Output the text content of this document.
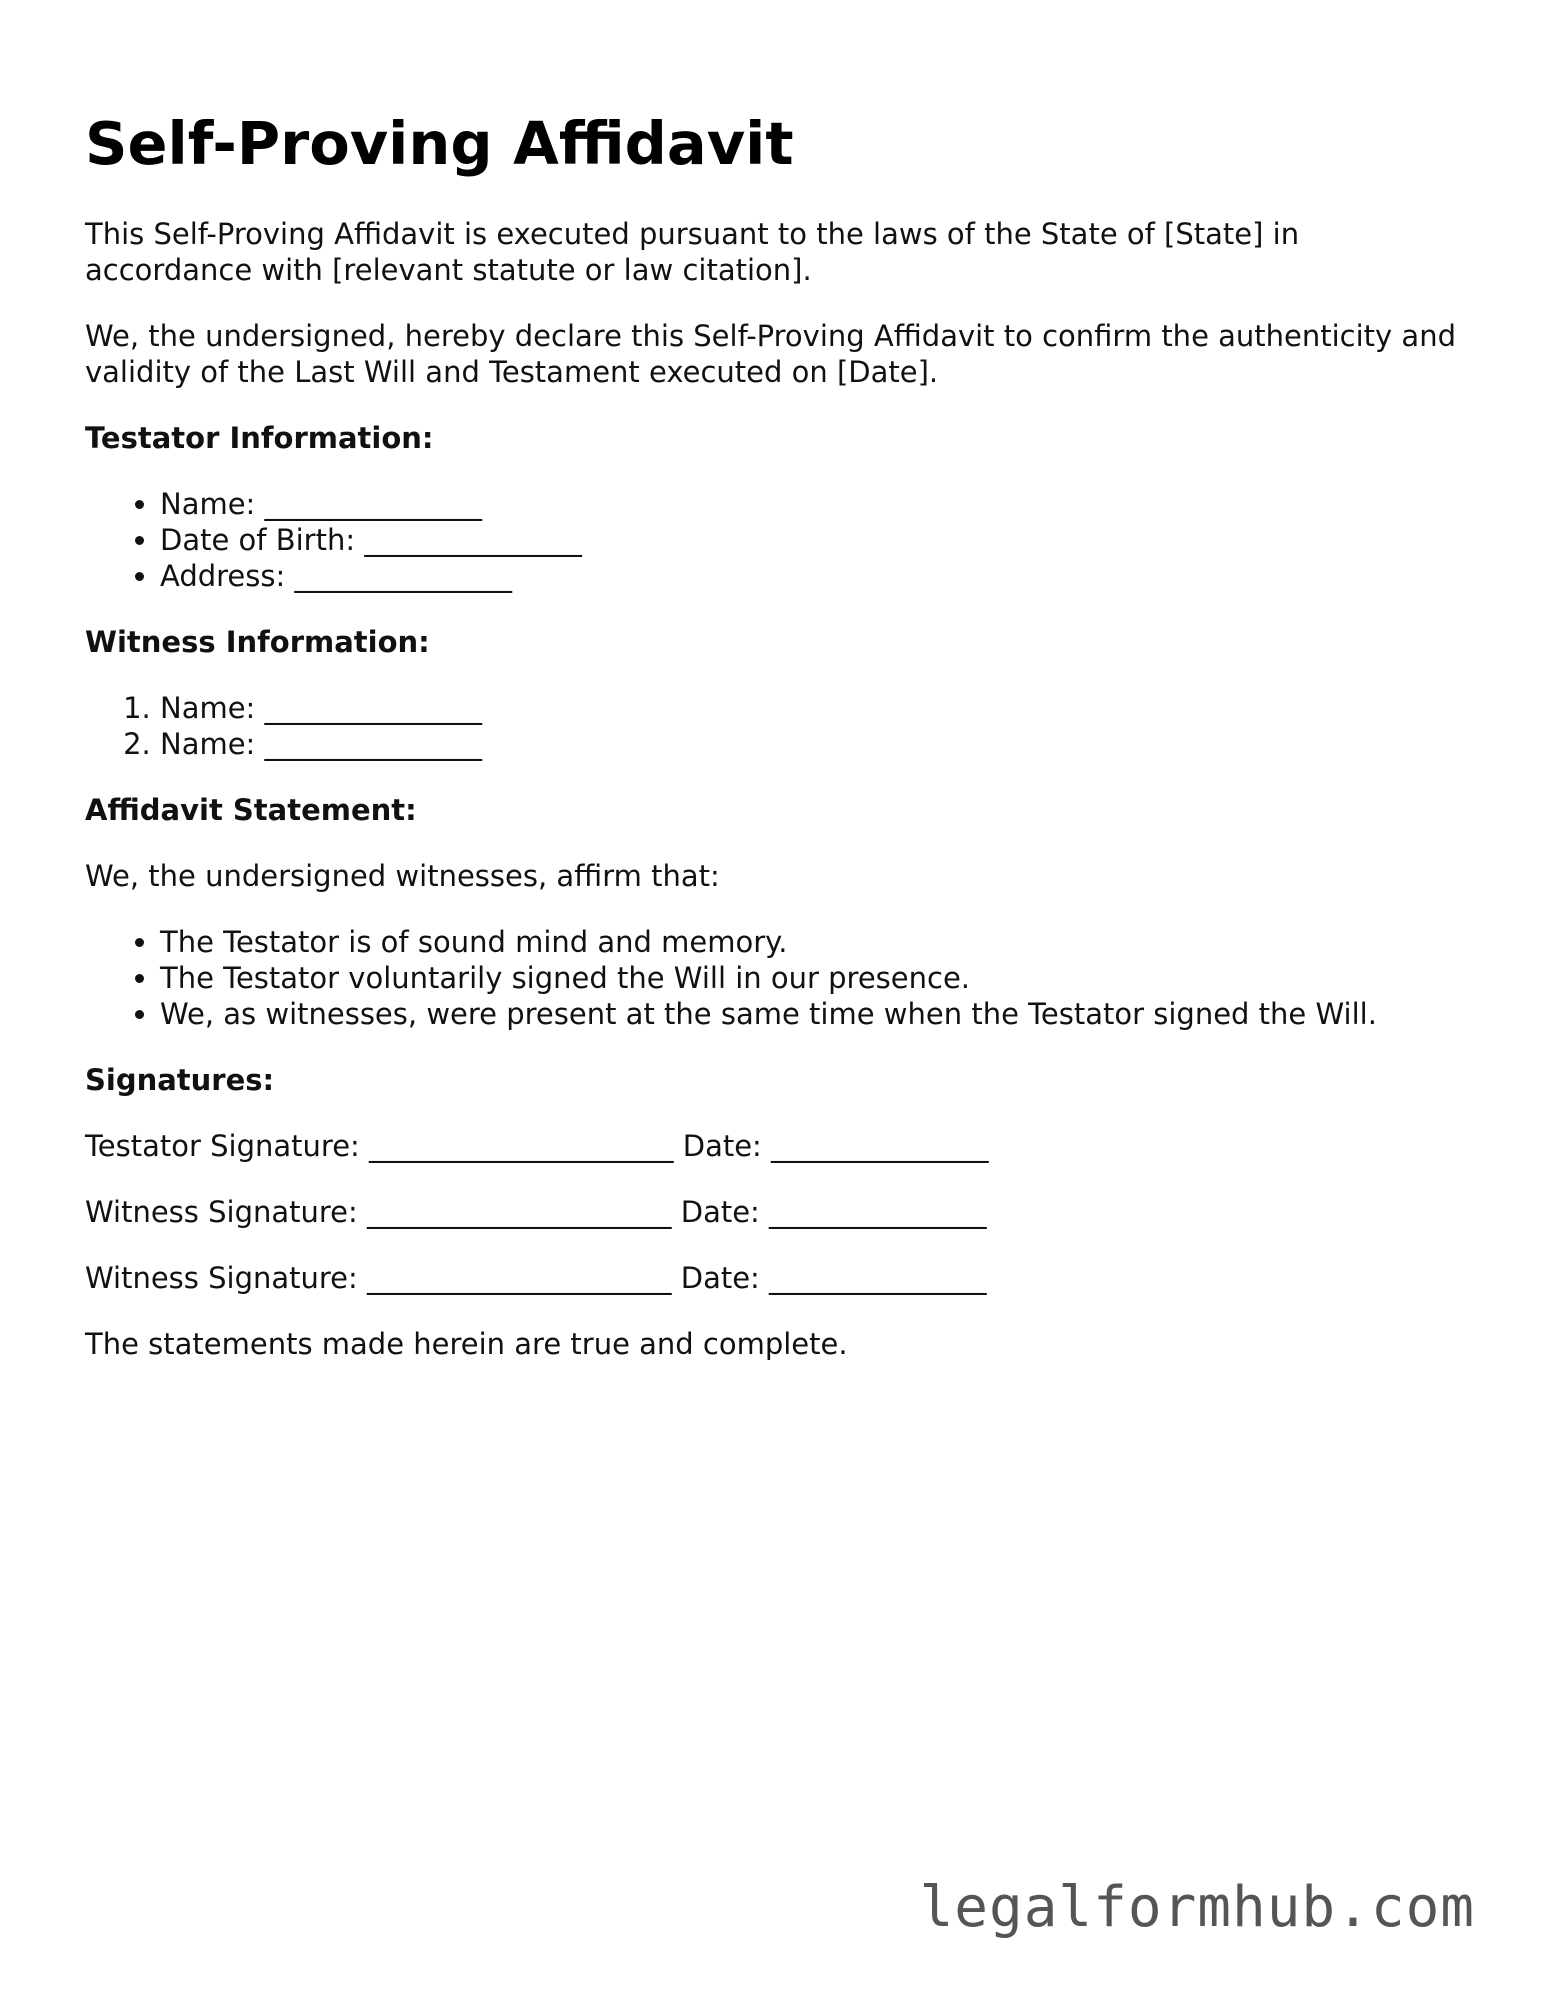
Self-Proving Affidavit

This Self-Proving Affidavit is executed pursuant to the laws of the State of [State] in accordance with [relevant statute or law citation].

We, the undersigned, hereby declare this Self-Proving Affidavit to confirm the authenticity and validity of the Last Will and Testament executed on [Date].

Testator Information:
• Name: _______________
• Date of Birth: _______________
• Address: _______________
Witness Information:
1. Name: _______________
2. Name: _______________
Affidavit Statement:

We, the undersigned witnesses, affirm that:

• The Testator is of sound mind and memory.
• The Testator voluntarily signed the Will in our presence.
• We, as witnesses, were present at the same time when the Testator signed the Will.
Signatures:
Testator Signature: _____________________ Date: _______________
Witness Signature: _____________________ Date: _______________
Witness Signature: _____________________ Date: _______________

The statements made herein are true and complete.

legalformhub.com
